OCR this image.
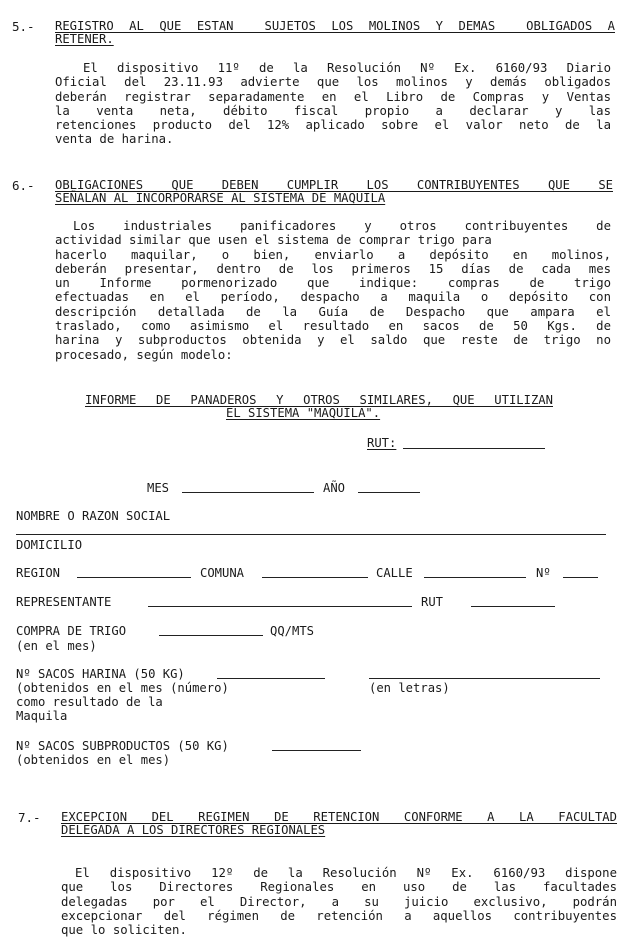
5.- REGISTRO AL QUE ESTAN  SUJETOS LOS MOLINOS Y DEMAS  OBLIGADOS A
RETENER.
El dispositivo 11º de la Resolución Nº Ex. 6160/93 Diario
Oficial del 23.11.93 advierte que los molinos y demás obligados
deberán registrar separadamente en el Libro de Compras y Ventas
la venta neta, débito fiscal propio a declarar y las
retenciones producto del 12% aplicado sobre el valor neto de la
venta de harina.
6.- OBLIGACIONES QUE DEBEN CUMPLIR LOS CONTRIBUYENTES QUE SE
SEÑALAN AL INCORPORARSE AL SISTEMA DE MAQUILA
Los industriales panificadores y otros contribuyentes de
actividad similar que usen el sistema de comprar trigo para
hacerlo maquilar, o bien, enviarlo a depósito en molinos,
deberán presentar, dentro de los primeros 15 días de cada mes
un Informe pormenorizado que indique: compras de trigo
efectuadas en el período, despacho a maquila o depósito con
descripción detallada de la Guía de Despacho que ampara el
traslado, como asimismo el resultado en sacos de 50 Kgs. de
harina y subproductos obtenida y el saldo que reste de trigo no
procesado, según modelo:
INFORME DE PANADEROS Y OTROS SIMILARES, QUE UTILIZAN
EL SISTEMA "MAQUILA".
RUT:
MES	AÑO
NOMBRE O RAZON SOCIAL
DOMICILIO
REGION	COMUNA	CALLE	Nº
REPRESENTANTE	RUT
COMPRA DE TRIGO	QQ/MTS
(en el mes)
Nº SACOS HARINA (50 KG)
(obtenidos en el mes (número)
como resultado de la
Maquila
(en letras)
Nº SACOS SUBPRODUCTOS (50 KG)
(obtenidos en el mes)
7.- EXCEPCION DEL REGIMEN DE RETENCION CONFORME A LA FACULTAD
DELEGADA A LOS DIRECTORES REGIONALES
El dispositivo 12º de la Resolución Nº Ex. 6160/93 dispone
que los Directores Regionales en uso de las facultades
delegadas por el Director, a su juicio exclusivo, podrán
excepcionar del régimen de retención a aquellos contribuyentes
que lo soliciten.
